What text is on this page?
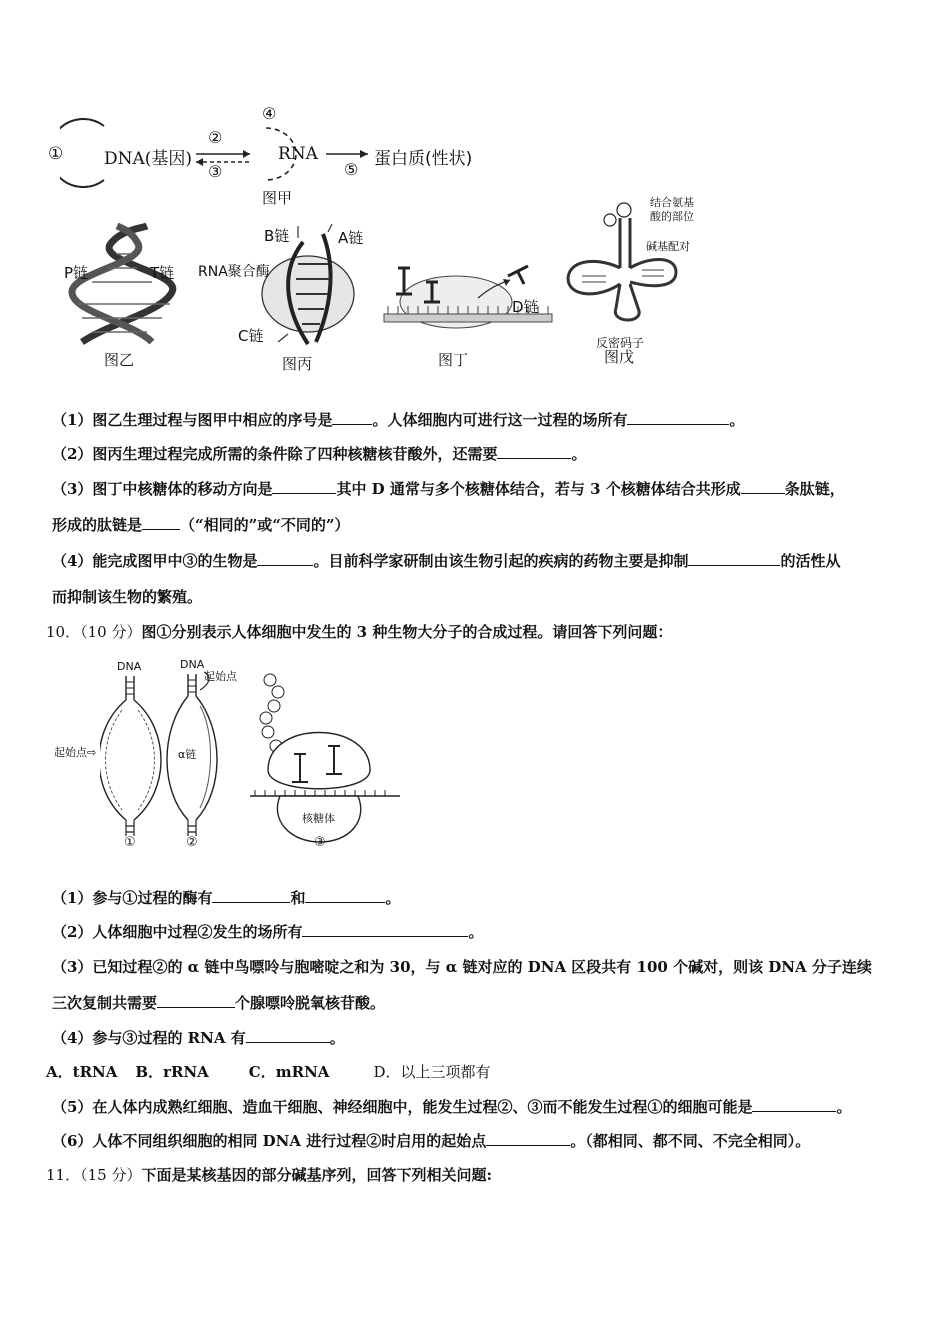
① DNA(基因)
②
③
④
RNA
⑤
蛋白质(性状)
图甲
P链	T链
图乙
B链	A链
RNA聚合酶
C链
图丙
D链
图丁
结合氨基
酸的部位
碱基配对
反密码子
图戊
（1）图乙生理过程与图甲中相应的序号是	。人体细胞内可进行这一过程的场所有	。
（2）图丙生理过程完成所需的条件除了四种核糖核苷酸外，还需要	。
（3）图丁中核糖体的移动方向是	其中 D 通常与多个核糖体结合，若与 3 个核糖体结合共形成	条肽链，
形成的肽链是	（“相同的”或“不同的”）
（4）能完成图甲中③的生物是	。目前科学家研制由该生物引起的疾病的药物主要是抑制	的活性从
而抑制该生物的繁殖。
10．（10 分）图①分别表示人体细胞中发生的 3 种生物大分子的合成过程。请回答下列问题：
DNA	DNA
起始点
起始点⇨	α链
核糖体
①	②	③
（1）参与①过程的酶有	和	。
（2）人体细胞中过程②发生的场所有	。
（3）已知过程②的 α 链中鸟嘌呤与胞嘧啶之和为 30，与 α 链对应的 DNA 区段共有 100 个碱对，则该 DNA 分子连续
三次复制共需要	个腺嘌呤脱氧核苷酸。
（4）参与③过程的 RNA 有	。
A．tRNA B．rRNA	C．mRNA	D．以上三项都有
（5）在人体内成熟红细胞、造血干细胞、神经细胞中，能发生过程②、③而不能发生过程①的细胞可能是	。
（6）人体不同组织细胞的相同 DNA 进行过程②时启用的起始点	。（都相同、都不同、不完全相同）。
11．（15 分）下面是某核基因的部分碱基序列，回答下列相关问题:
